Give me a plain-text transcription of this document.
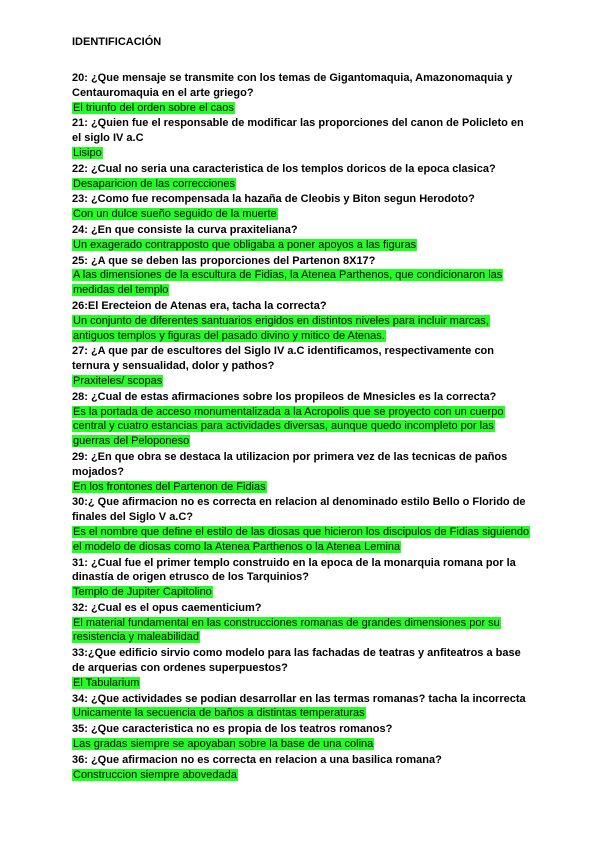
IDENTIFICACIÓN

20: ¿Que mensaje se transmite con los temas de Gigantomaquia, Amazonomaquia y Centauromaquia en el arte griego?

El triunfo del orden sobre el caos

21: ¿Quien fue el responsable de modificar las proporciones del canon de Policleto en el siglo IV a.C

Lisipo

22: ¿Cual no seria una caracteristica de los templos doricos de la epoca clasica?

Desaparicion de las correcciones

23: ¿Como fue recompensada la hazaña de Cleobis y Biton segun Herodoto?

Con un dulce sueño seguido de la muerte

24: ¿En que consiste la curva praxiteliana?

Un exagerado contrapposto que obligaba a poner apoyos a las figuras

25: ¿A que se deben las proporciones del Partenon 8X17?

A las dimensiones de la escultura de Fidias, la Atenea Parthenos, que condicionaron las medidas del templo

26:El Erecteion de Atenas era, tacha la correcta?

Un conjunto de diferentes santuarios erigidos en distintos niveles para incluir marcas, antiguos templos y figuras del pasado divino y mitico de Atenas.

27: ¿A que par de escultores del Siglo IV a.C identificamos, respectivamente con ternura y sensualidad, dolor y pathos?

Praxiteles/ scopas

28: ¿Cual de estas afirmaciones sobre los propileos de Mnesicles es la correcta?

Es la portada de acceso monumentalizada a la Acropolis que se proyecto con un cuerpo central y cuatro estancias para actividades diversas, aunque quedo incompleto por las guerras del Peloponeso

29: ¿En que obra se destaca la utilizacion por primera vez de las tecnicas de paños mojados?

En los frontones del Partenon de Fidias

30:¿ Que afirmacion no es correcta en relacion al denominado estilo Bello o Florido de finales del Siglo V a.C?

Es el nombre que define el estilo de las diosas que hicieron los discipulos de Fidias siguiendo el modelo de diosas como la Atenea Parthenos o la Atenea Lemina

31: ¿Cual fue el primer templo construido en la epoca de la monarquia romana por la dinastía de origen etrusco de los Tarquinios?

Templo de Jupiter Capitolino

32: ¿Cual es el opus caementicium?

El material fundamental en las construcciones romanas de grandes dimensiones por su resistencia y maleabilidad

33:¿Que edificio sirvio como modelo para las fachadas de teatras y anfiteatros a base de arquerias con ordenes superpuestos?

El Tabularium

34: ¿Que actividades se podian desarrollar en las termas romanas? tacha la incorrecta

Unicamente la secuencia de baños a distintas temperaturas

35: ¿Que caracteristica no es propia de los teatros romanos?

Las gradas siempre se apoyaban sobre la base de una colina

36: ¿Que afirmacion no es correcta en relacion a una basilica romana?

Construccion siempre abovedada
